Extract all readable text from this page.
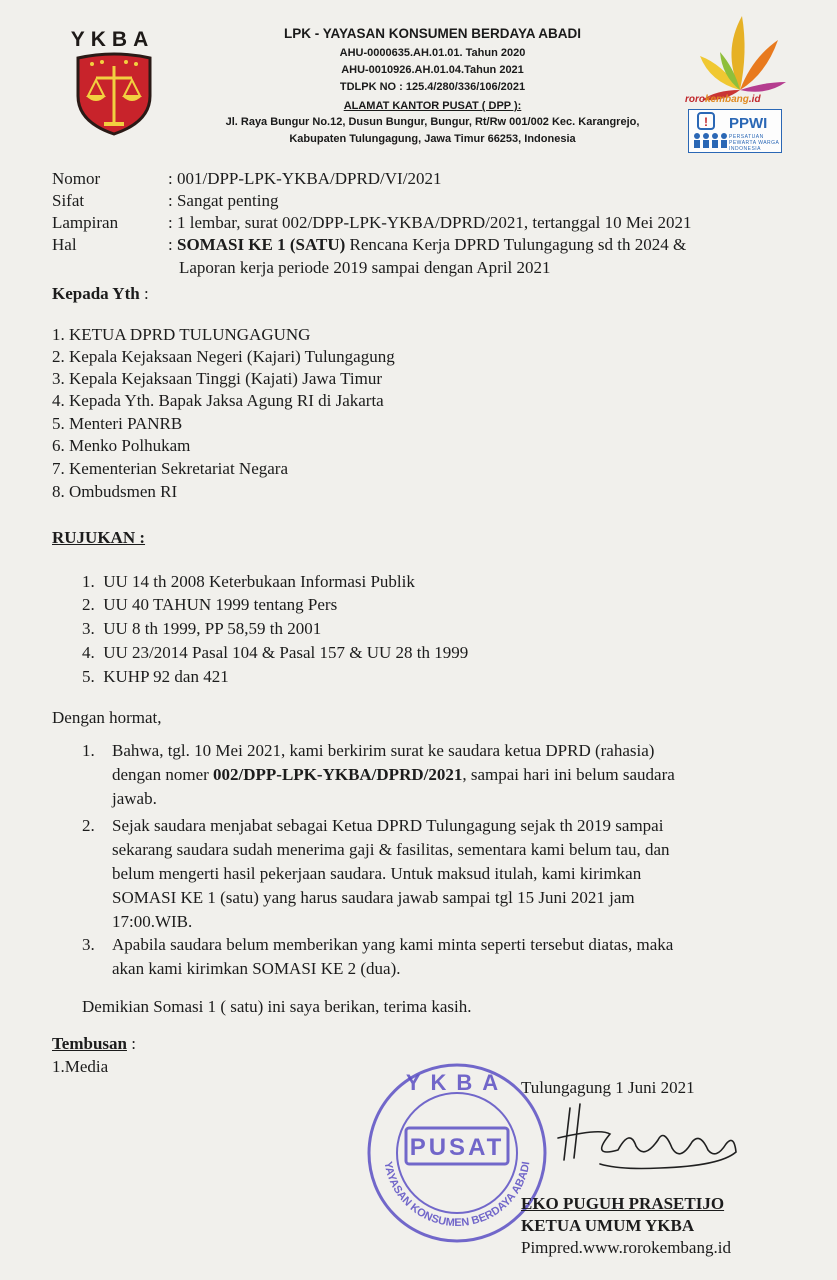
YKBA	LPK - YAYASAN KONSUMEN BERDAYA ABADI
AHU-0000635.AH.01.01. Tahun 2020
AHU-0010926.AH.01.04.Tahun 2021
TDLPK NO : 125.4/280/336/106/2021
ALAMAT KANTOR PUSAT ( DPP ):
Jl. Raya Bungur No.12, Dusun Bungur, Bungur, Rt/Rw 001/002 Kec. Karangrejo,
Kabupaten Tulungagung, Jawa Timur 66253, Indonesia
rorokembang.id
! PPWI
PERSATUAN PEWARTA WARGA INDONESIA
Nomor	: 001/DPP-LPK-YKBA/DPRD/VI/2021
Sifat	: Sangat penting
Lampiran	: 1 lembar, surat 002/DPP-LPK-YKBA/DPRD/2021, tertanggal 10 Mei 2021
Hal	: SOMASI KE 1 (SATU) Rencana Kerja DPRD Tulungagung sd th 2024 &
Laporan kerja periode 2019 sampai dengan April 2021
Kepada Yth :
1. KETUA DPRD TULUNGAGUNG
2. Kepala Kejaksaan Negeri (Kajari) Tulungagung
3. Kepala Kejaksaan Tinggi (Kajati) Jawa Timur
4. Kepada Yth. Bapak Jaksa Agung RI di Jakarta
5. Menteri PANRB
6. Menko Polhukam
7. Kementerian Sekretariat Negara
8. Ombudsmen RI
RUJUKAN :
1. UU 14 th 2008 Keterbukaan Informasi Publik
2. UU 40 TAHUN 1999 tentang Pers
3. UU 8 th 1999, PP 58,59 th 2001
4. UU 23/2014 Pasal 104 & Pasal 157 & UU 28 th 1999
5. KUHP 92 dan 421
Dengan hormat,
1. Bahwa, tgl. 10 Mei 2021, kami berkirim surat ke saudara ketua DPRD (rahasia)
dengan nomer 002/DPP-LPK-YKBA/DPRD/2021, sampai hari ini belum saudara
jawab.
2. Sejak saudara menjabat sebagai Ketua DPRD Tulungagung sejak th 2019 sampai
sekarang saudara sudah menerima gaji & fasilitas, sementara kami belum tau, dan
belum mengerti hasil pekerjaan saudara. Untuk maksud itulah, kami kirimkan
SOMASI KE 1 (satu) yang harus saudara jawab sampai tgl 15 Juni 2021 jam
17:00.WIB.
3. Apabila saudara belum memberikan yang kami minta seperti tersebut diatas, maka
akan kami kirimkan SOMASI KE 2 (dua).
Demikian Somasi 1 ( satu) ini saya berikan, terima kasih.
Tembusan :
1.Media
YKBA
PUSAT
YAYASAN KONSUMEN BERDAYA ABADI
Tulungagung 1 Juni 2021
EKO PUGUH PRASETIJO
KETUA UMUM YKBA
Pimpred.www.rorokembang.id
